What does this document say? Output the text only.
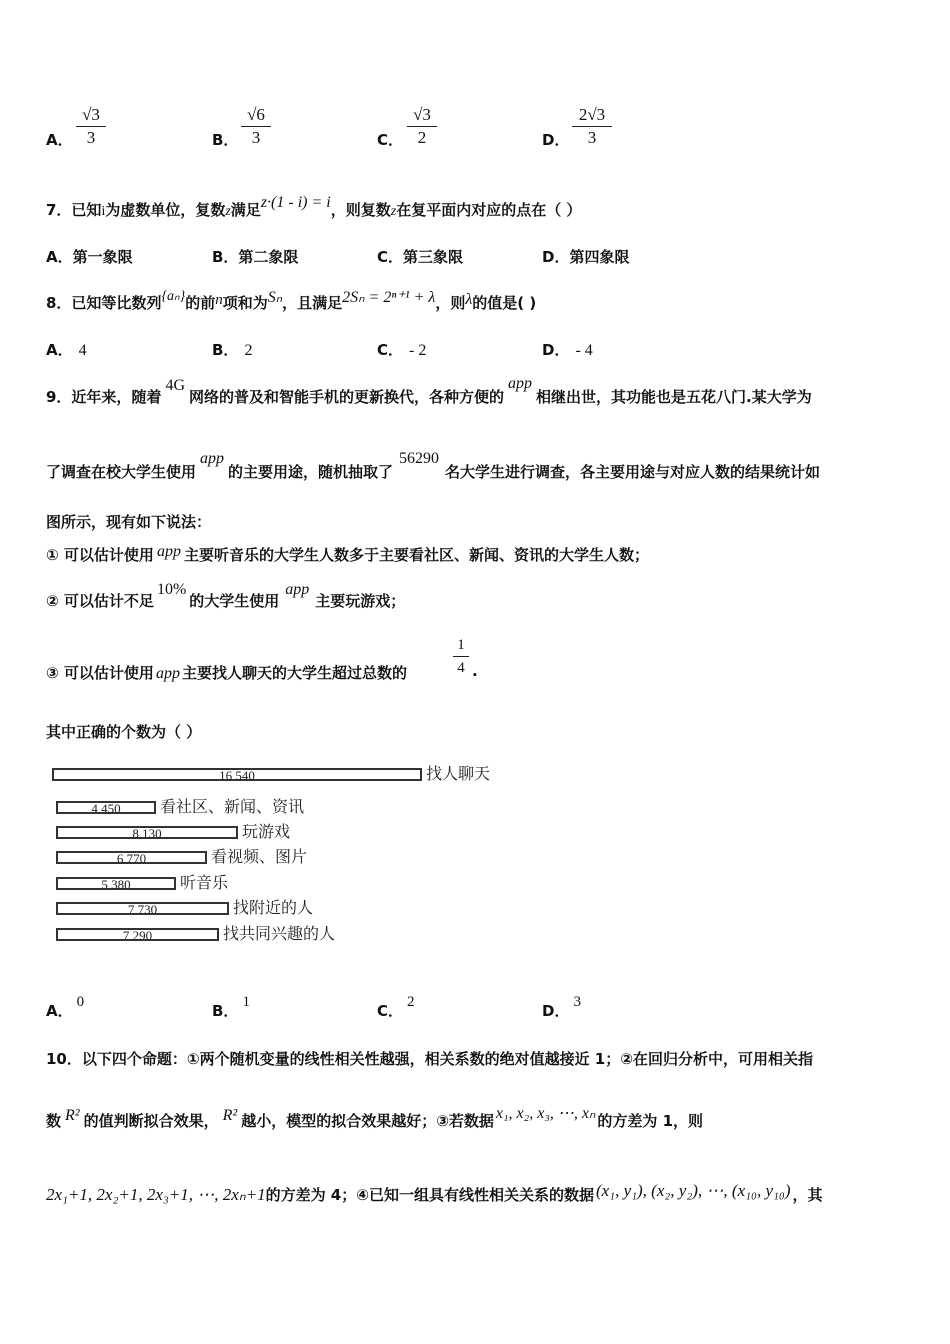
A．
√3
3	B．
√6
3	C．
√3
2	D．
2√3
3
7．已知i为虚数单位，复数z满足z·(1 - i) = i，则复数z在复平面内对应的点在（ ）
A．第一象限	B．第二象限	C．第三象限	D．第四象限
8．已知等比数列{aₙ}的前n项和为Sₙ，且满足2Sₙ = 2ⁿ⁺¹ + λ，则λ的值是( )
A． 4	B． 2	C． - 2	D． - 4
9．近年来，随着4G网络的普及和智能手机的更新换代，各种方便的app相继出世，其功能也是五花八门.某大学为
了调查在校大学生使用app的主要用途，随机抽取了56290名大学生进行调查，各主要用途与对应人数的结果统计如
图所示，现有如下说法：
① 可以估计使用 app 主要听音乐的大学生人数多于主要看社区、新闻、资讯的大学生人数；
② 可以估计不足10%的大学生使用app主要玩游戏；
③ 可以估计使用 app 主要找人聊天的大学生超过总数的
1
4 .
其中正确的个数为（ ）
16 540	找人聊天
4 450	看社区、新闻、资讯
8 130	玩游戏
6 770	看视频、图片
5 380	听音乐
7 730	找附近的人
7 290	找共同兴趣的人
A． 0	B． 1	C． 2	D． 3
10．以下四个命题：①两个随机变量的线性相关性越强，相关系数的绝对值越接近 1；②在回归分析中，可用相关指
数 R² 的值判断拟合效果， R² 越小，模型的拟合效果越好；③若数据 x₁, x₂, x₃, ⋯, xₙ 的方差为 1，则
2x₁+1, 2x₂+1, 2x₃+1, ⋯, 2xₙ+1的方差为 4；④已知一组具有线性相关关系的数据 (x₁, y₁), (x₂, y₂), ⋯, (x₁₀, y₁₀) ，其
